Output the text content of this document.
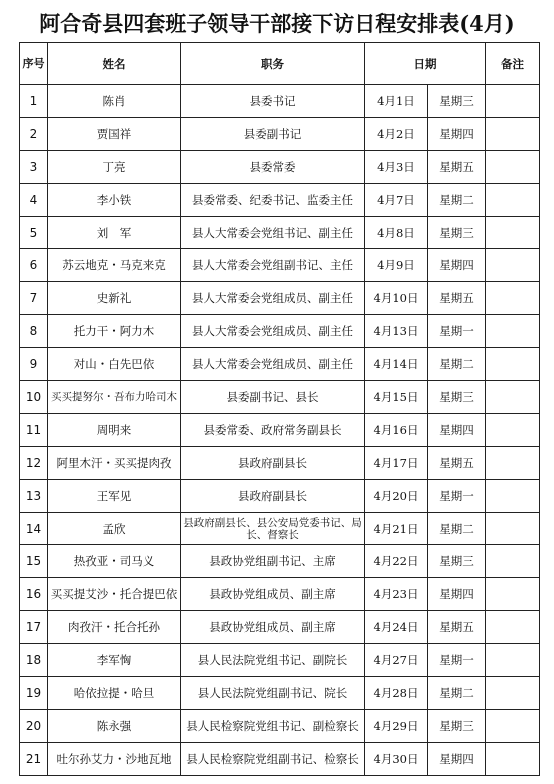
阿合奇县四套班子领导干部接下访日程安排表(4月)
序号	姓名	职务	日期		备注
1	陈肖	县委书记	4月1日	星期三	
2	贾国祥	县委副书记	4月2日	星期四	
3	丁亮	县委常委	4月3日	星期五	
4	李小铁	县委常委、纪委书记、监委主任	4月7日	星期二	
5	刘　军	县人大常委会党组书记、副主任	4月8日	星期三	
6	苏云地克・马克来克	县人大常委会党组副书记、主任	4月9日	星期四	
7	史新礼	县人大常委会党组成员、副主任	4月10日	星期五	
8	托力干・阿力木	县人大常委会党组成员、副主任	4月13日	星期一	
9	对山・白先巴依	县人大常委会党组成员、副主任	4月14日	星期二	
10	买买提努尔・吾布力哈司木	县委副书记、县长	4月15日	星期三	
11	周明来	县委常委、政府常务副县长	4月16日	星期四	
12	阿里木汗・买买提肉孜	县政府副县长	4月17日	星期五	
13	王军见	县政府副县长	4月20日	星期一	
14	孟欣	县政府副县长、县公安局党委书记、局长、督察长	4月21日	星期二	
15	热孜亚・司马义	县政协党组副书记、主席	4月22日	星期三	
16	买买提艾沙・托合提巴依	县政协党组成员、副主席	4月23日	星期四	
17	肉孜汗・托合托孙	县政协党组成员、副主席	4月24日	星期五	
18	李军恟	县人民法院党组书记、副院长	4月27日	星期一	
19	哈依拉提・哈旦	县人民法院党组副书记、院长	4月28日	星期二	
20	陈永强	县人民检察院党组书记、副检察长	4月29日	星期三	
21	吐尔孙艾力・沙地瓦地	县人民检察院党组副书记、检察长	4月30日	星期四	
